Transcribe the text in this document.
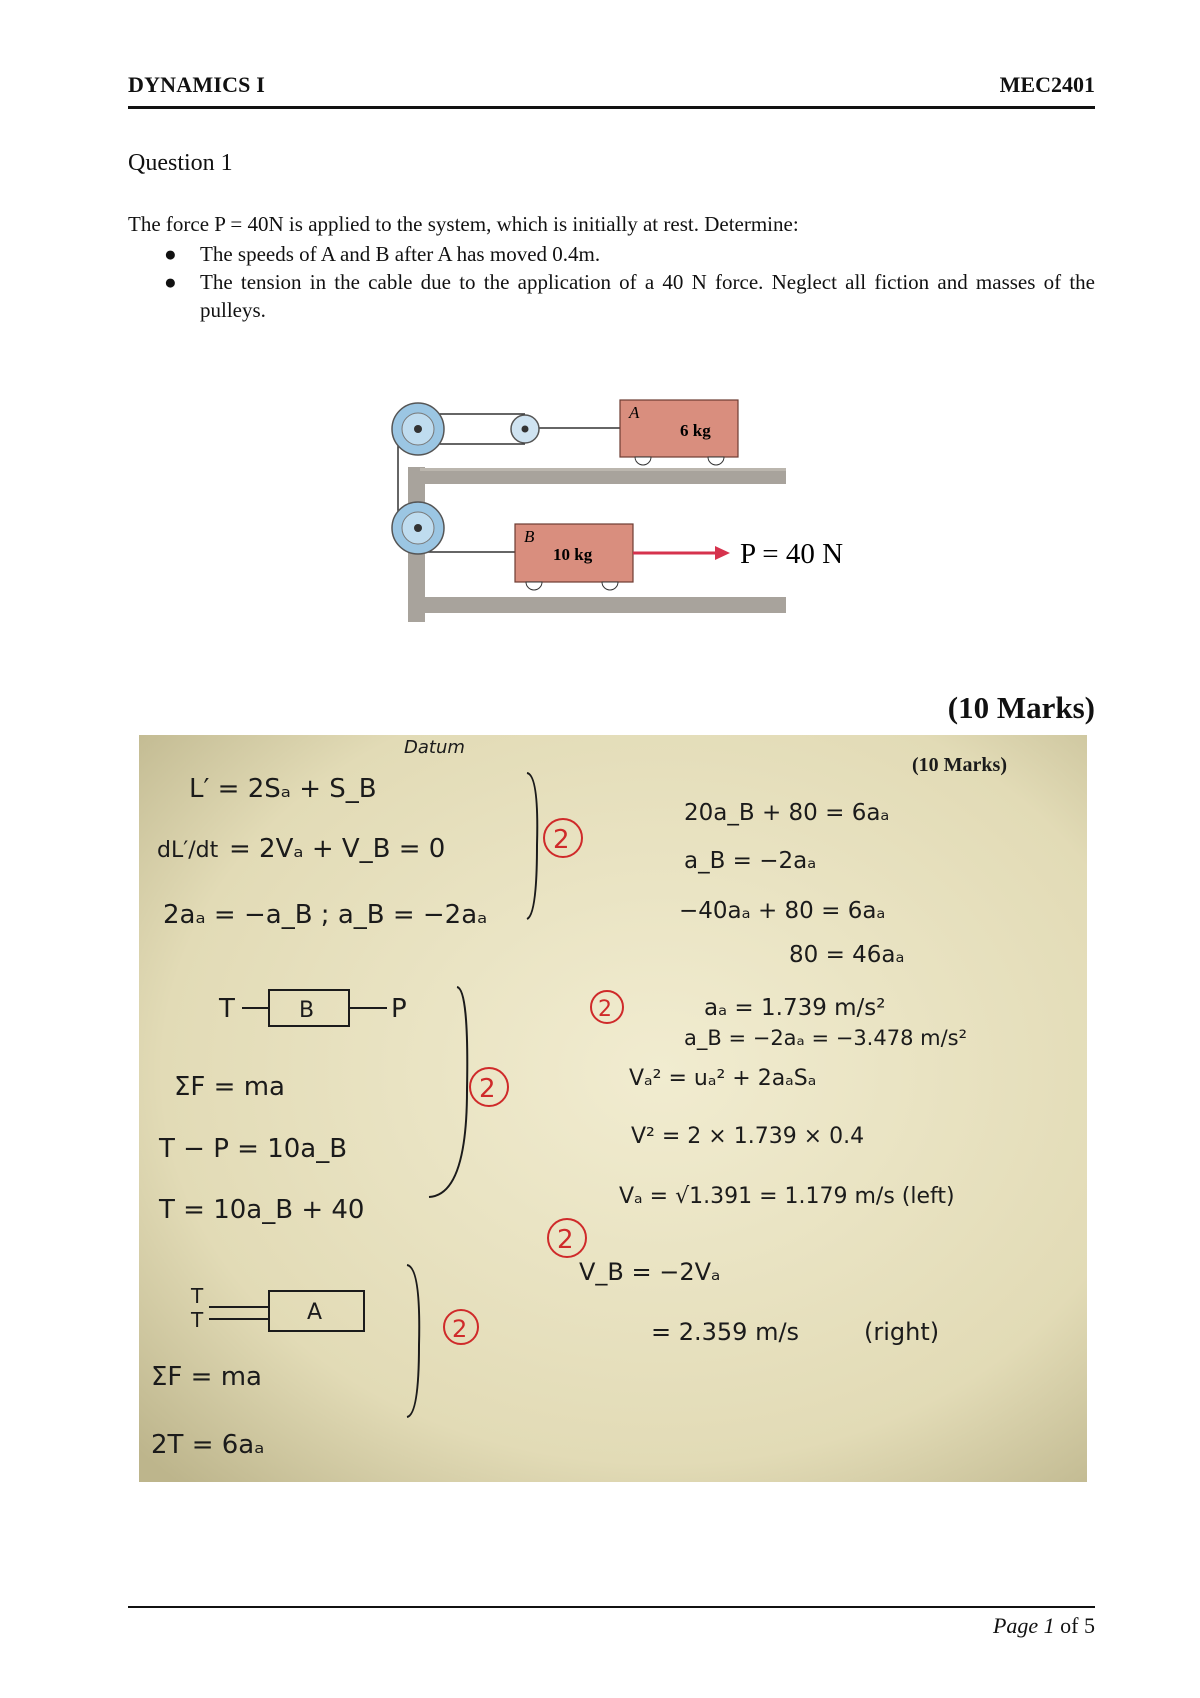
DYNAMICS I	MEC2401
Question 1
The force P = 40N is applied to the system, which is initially at rest. Determine:
● The speeds of A and B after A has moved 0.4m.
● The tension in the cable due to the application of a 40 N force. Neglect all fiction and masses of the pulleys.
A
6 kg
B
10 kg	P = 40 N
(10 Marks)
(10 Marks)
Datum
L′ = 2Sₐ + S_B
dL′/dt = 2Vₐ + V_B = 0
2aₐ = −a_B ; a_B = −2aₐ
T	B	P
ΣF = ma
T − P = 10a_B
T = 10a_B + 40
T
T	A
ΣF = ma
2T = 6aₐ
20a_B + 80 = 6aₐ
a_B = −2aₐ
−40aₐ + 80 = 6aₐ
80 = 46aₐ
aₐ = 1.739 m/s²
a_B = −2aₐ = −3.478 m/s²
Vₐ² = uₐ² + 2aₐSₐ
V² = 2 × 1.739 × 0.4
Vₐ = √1.391 = 1.179 m/s (left)
V_B = −2Vₐ
= 2.359 m/s	(right)
2
2
2
2
2
Page 1 of 5
